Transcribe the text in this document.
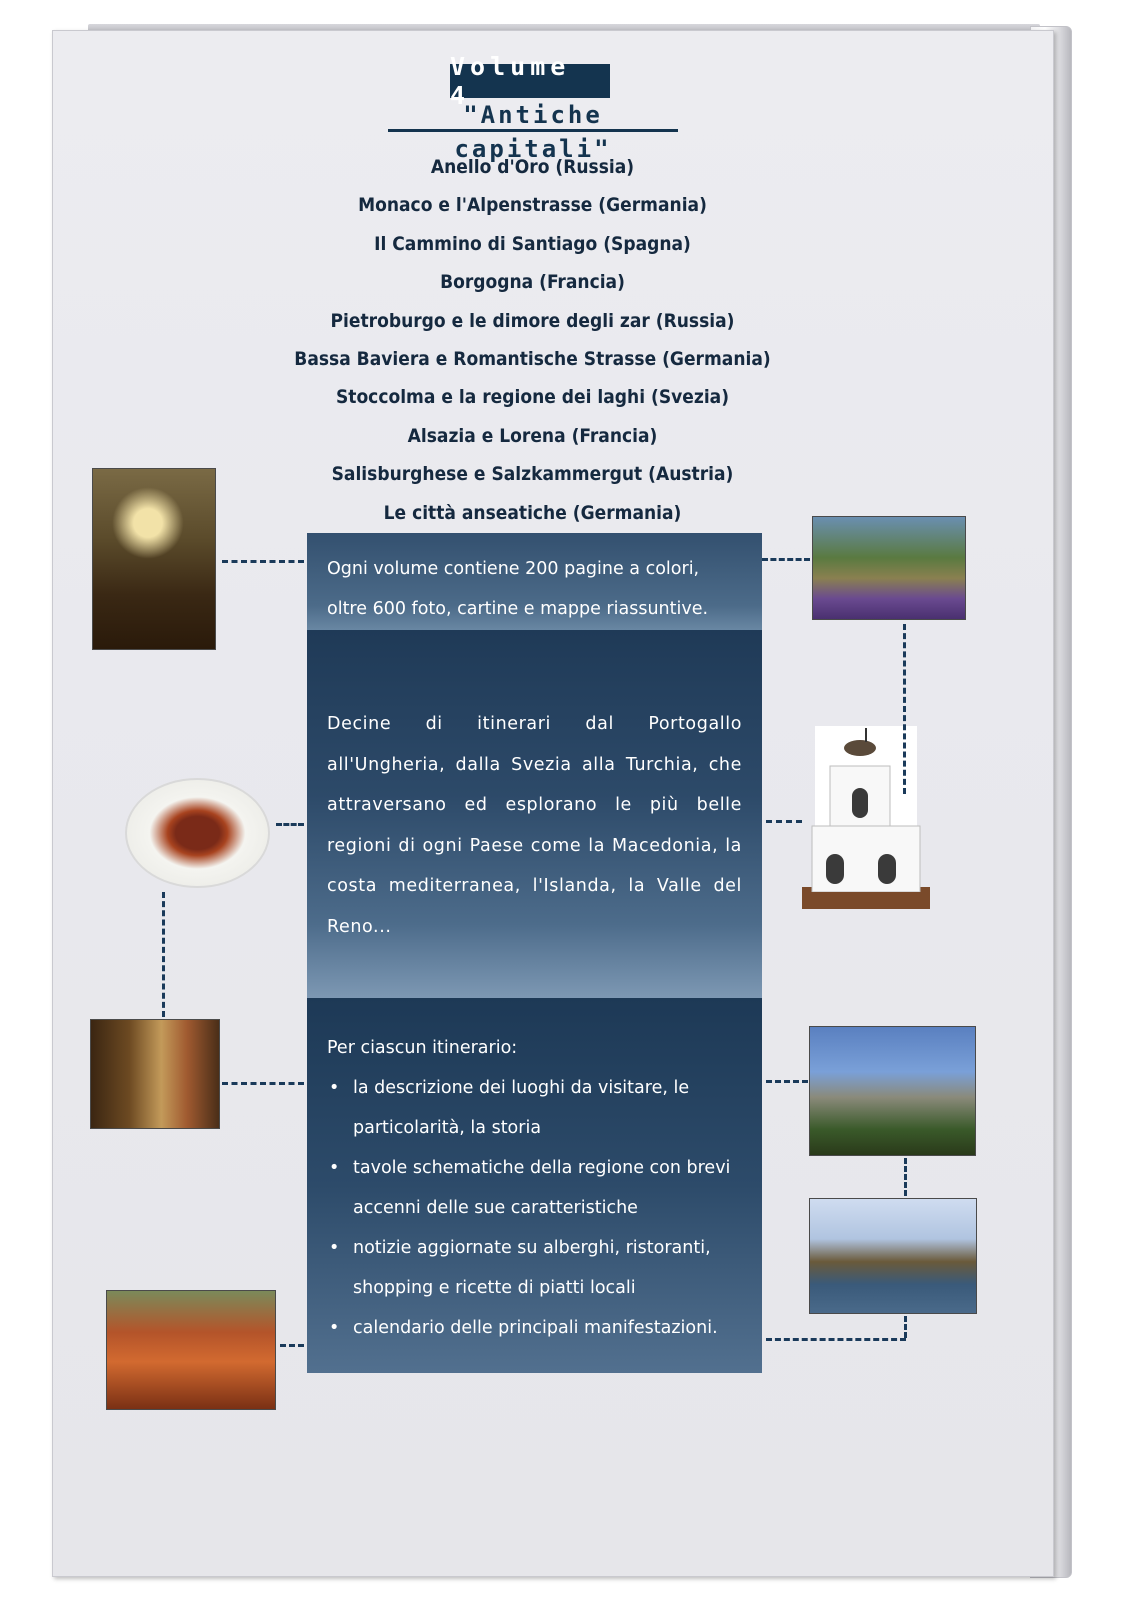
Volume 4
"Antiche capitali"
Anello d'Oro (Russia)
Monaco e l'Alpenstrasse (Germania)
Il Cammino di Santiago (Spagna)
Borgogna (Francia)
Pietroburgo e le dimore degli zar (Russia)
Bassa Baviera e Romantische Strasse (Germania)
Stoccolma e la regione dei laghi (Svezia)
Alsazia e Lorena (Francia)
Salisburghese e Salzkammergut (Austria)
Le città anseatiche (Germania)

Ogni volume contiene 200 pagine a colori,

oltre 600 foto, cartine e mappe riassuntive.

Decine di itinerari dal Portogallo all'Ungheria, dalla Svezia alla Turchia, che attraversano ed esplorano le più belle regioni di ogni Paese come la Macedonia, la costa mediterranea, l'Islanda, la Valle del Reno...

Per ciascun itinerario:

• la descrizione dei luoghi da visitare, le particolarità, la storia
• tavole schematiche della regione con brevi accenni delle sue caratteristiche
• notizie aggiornate su alberghi, ristoranti, shopping e ricette di piatti locali
• calendario delle principali manifestazioni.
